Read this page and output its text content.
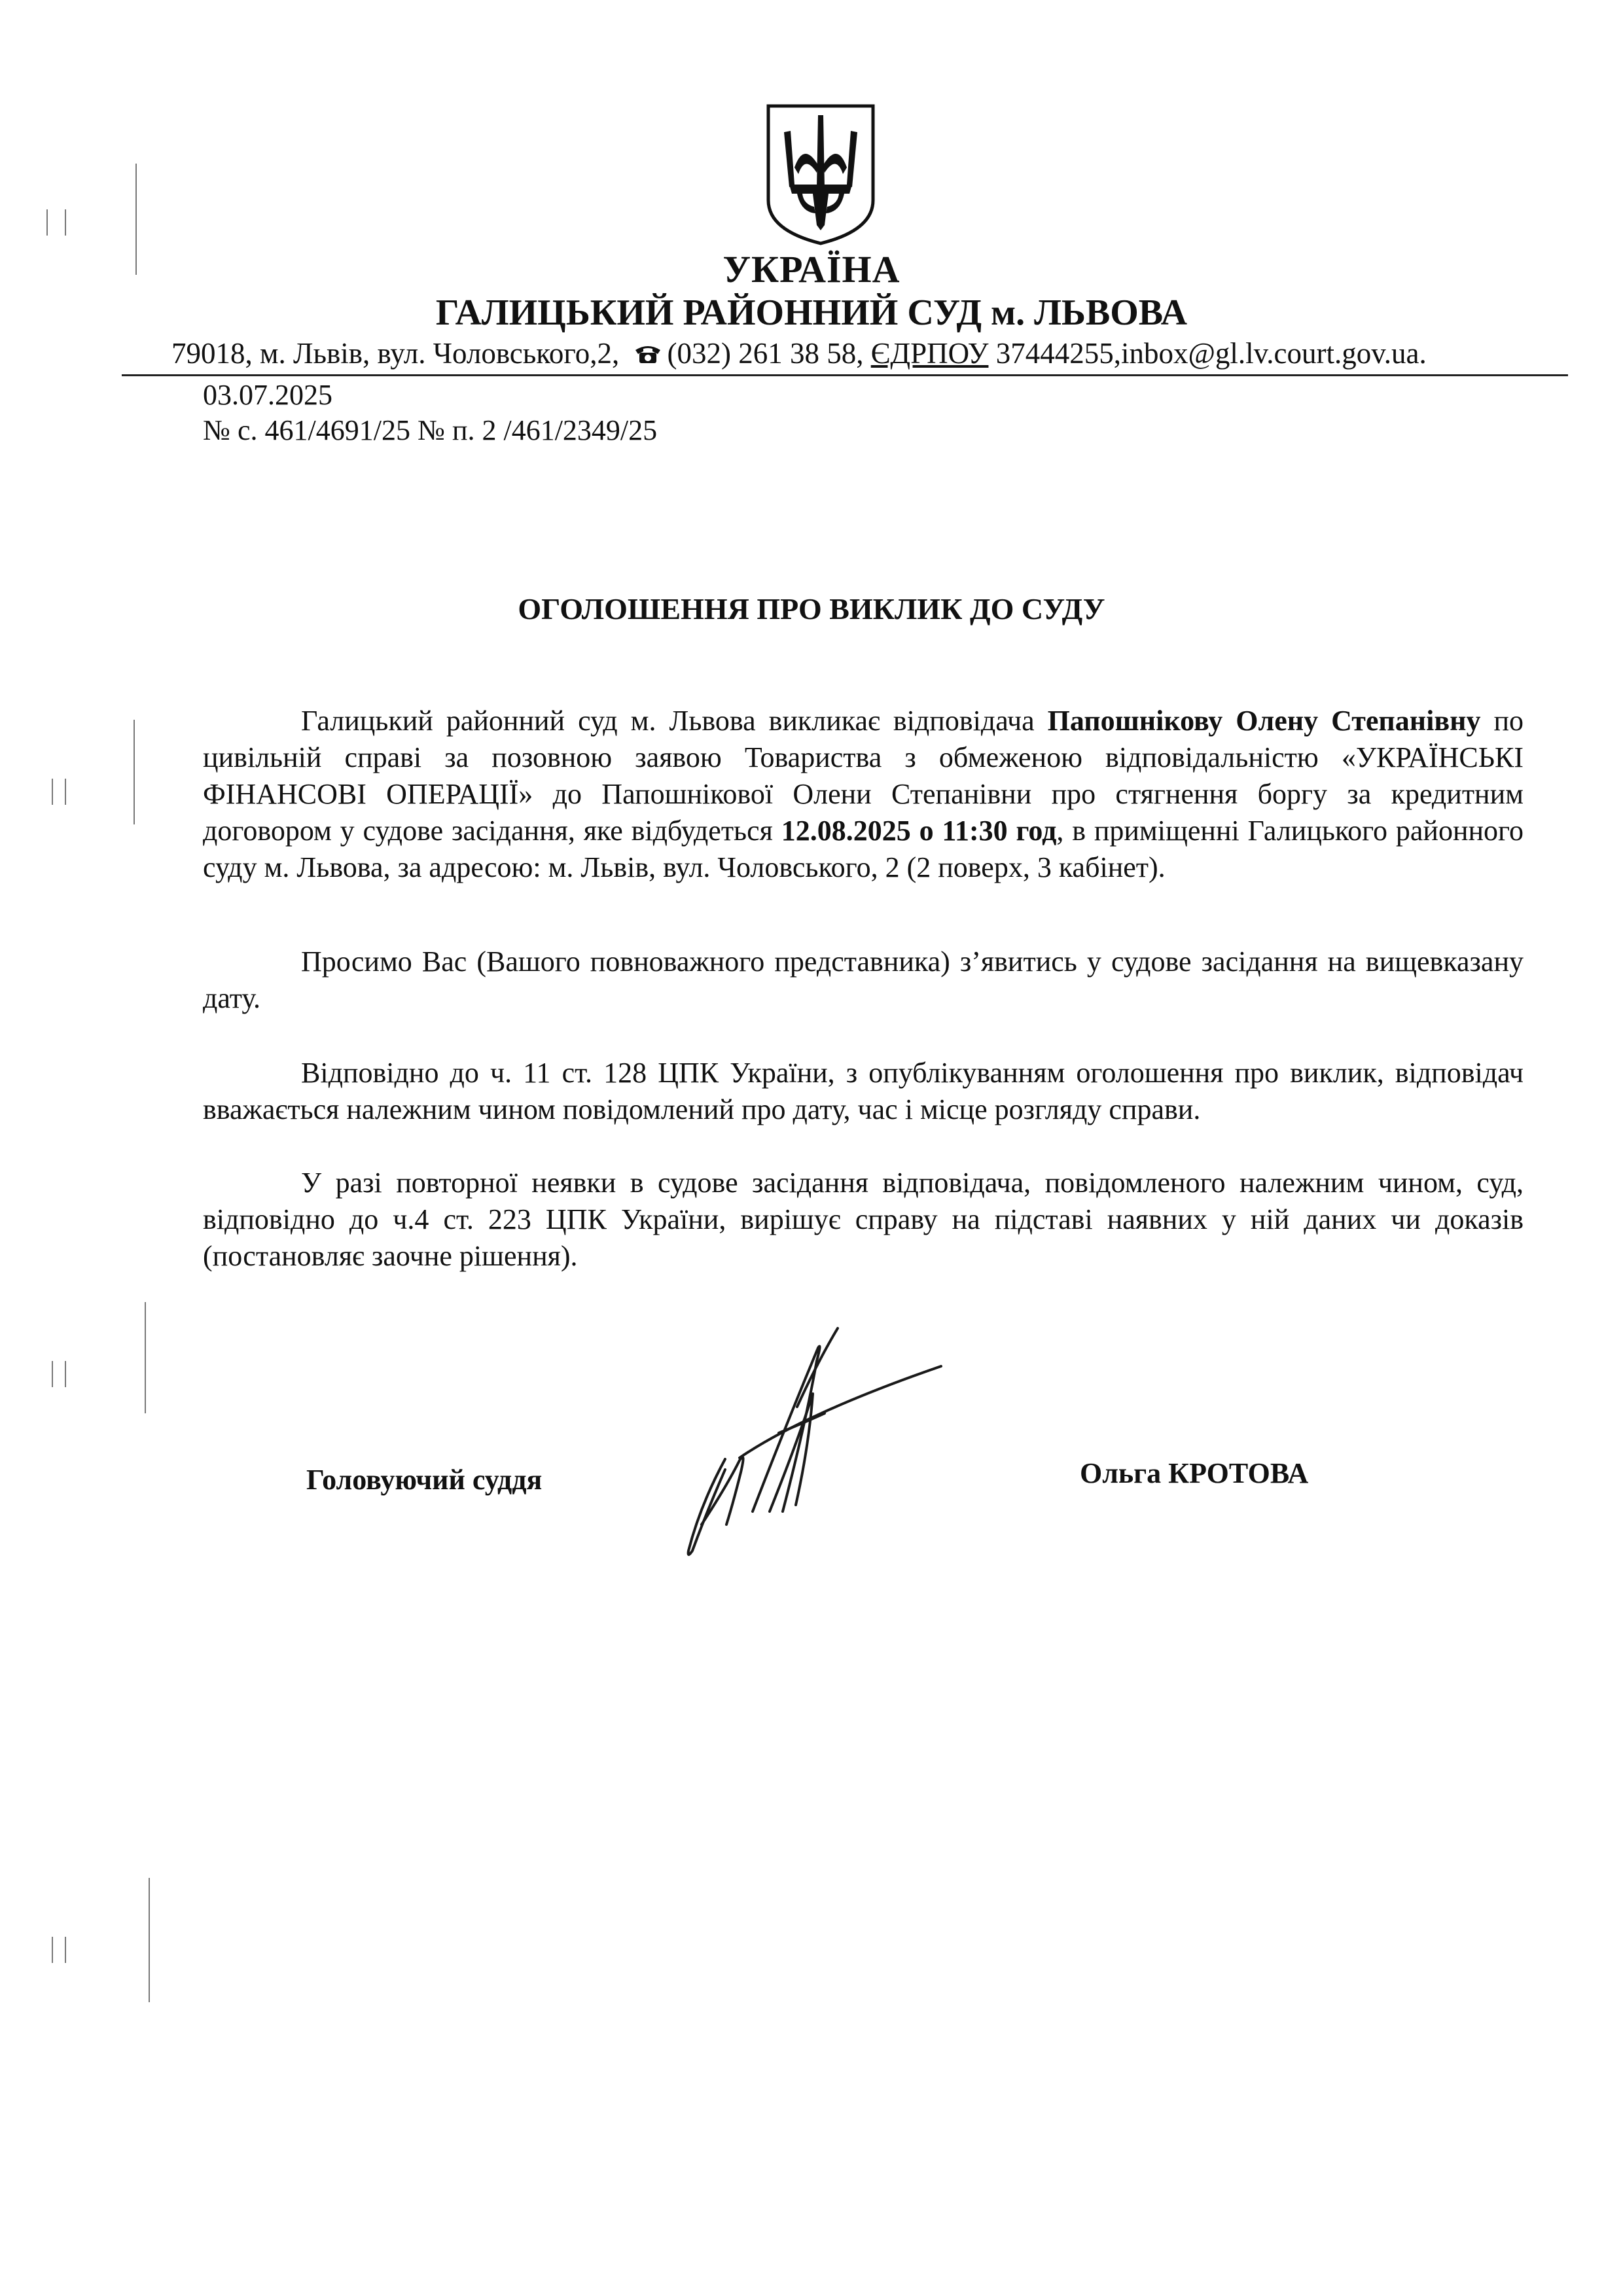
УКРАЇНА
ГАЛИЦЬКИЙ РАЙОННИЙ СУД м. ЛЬВОВА
79018, м. Львів, вул. Чоловського,2, (032) 261 38 58, ЄДРПОУ 37444255,inbox@gl.lv.court.gov.ua.
03.07.2025
№ с. 461/4691/25 № п. 2 /461/2349/25
ОГОЛОШЕННЯ ПРО ВИКЛИК ДО СУДУ
Галицький районний суд м. Львова викликає відповідача Папошнікову Олену Степанівну по цивільній справі за позовною заявою Товариства з обмеженою відповідальністю «УКРАЇНСЬКІ ФІНАНСОВІ ОПЕРАЦІЇ» до Папошнікової Олени Степанівни про стягнення боргу за кредитним договором у судове засідання, яке відбудеться 12.08.2025 о 11:30 год, в приміщенні Галицького районного суду м. Львова, за адресою: м. Львів, вул. Чоловського, 2 (2 поверх, 3 кабінет).
Просимо Вас (Вашого повноважного представника) з’явитись у судове засідання на вищевказану дату.
Відповідно до ч. 11 ст. 128 ЦПК України, з опублікуванням оголошення про виклик, відповідач вважається належним чином повідомлений про дату, час і місце розгляду справи.
У разі повторної неявки в судове засідання відповідача, повідомленого належним чином, суд, відповідно до ч.4 ст. 223 ЦПК України, вирішує справу на підставі наявних у ній даних чи доказів (постановляє заочне рішення).
Головуючий суддя	Ольга КРОТОВА
